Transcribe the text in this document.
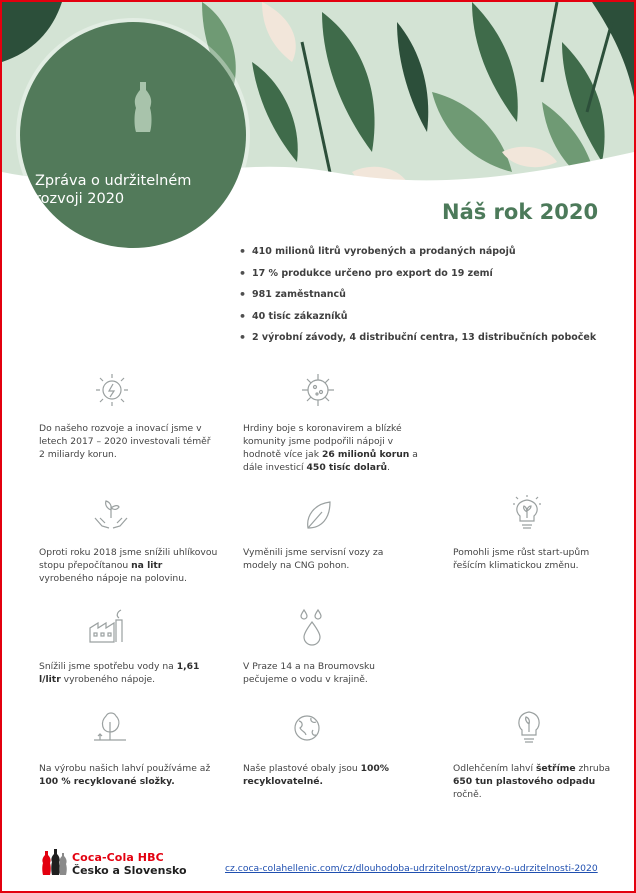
Zpráva o udržitelném rozvoji 2020
Náš rok 2020
• 410 milionů litrů vyrobených a prodaných nápojů
• 17 % produkce určeno pro export do 19 zemí
• 981 zaměstnanců
• 40 tisíc zákazníků
• 2 výrobní závody, 4 distribuční centra, 13 distribučních poboček
Do našeho rozvoje a inovací jsme v letech 2017 – 2020 investovali téměř 2 miliardy korun.
Hrdiny boje s koronavirem a blízké komunity jsme podpořili nápoji v hodnotě více jak 26 milionů korun a dále investicí 450 tisíc dolarů.
Oproti roku 2018 jsme snížili uhlíkovou stopu přepočítanou na litr vyrobeného nápoje na polovinu.
Vyměnili jsme servisní vozy za modely na CNG pohon.
Pomohli jsme růst start-upům řešícím klimatickou změnu.
Snížili jsme spotřebu vody na 1,61 l/litr vyrobeného nápoje.
V Praze 14 a na Broumovsku pečujeme o vodu v krajině.
Na výrobu našich lahví používáme až 100 % recyklované složky.
Naše plastové obaly jsou 100% recyklovatelné.
Odlehčením lahví šetříme zhruba 650 tun plastového odpadu ročně.
Coca-Cola HBC
Česko a Slovensko	cz.coca-colahellenic.com/cz/dlouhodoba-udrzitelnost/zpravy-o-udrzitelnosti-2020
